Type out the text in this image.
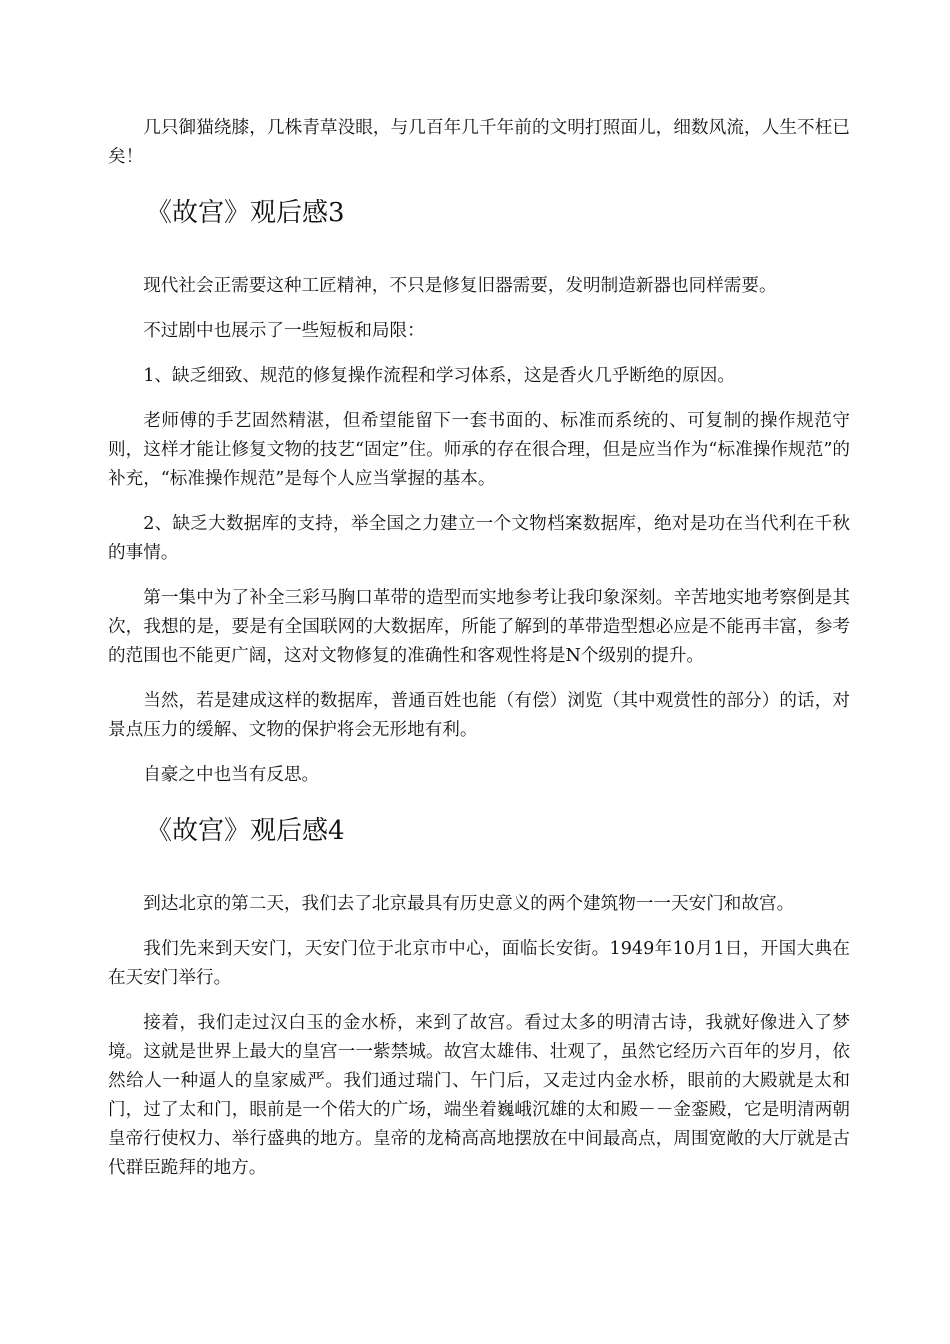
几只御猫绕膝，几株青草没眼，与几百年几千年前的文明打照面儿，细数风流，人生不枉已矣！

《故宫》观后感3

现代社会正需要这种工匠精神，不只是修复旧器需要，发明制造新器也同样需要。

不过剧中也展示了一些短板和局限：

1、缺乏细致、规范的修复操作流程和学习体系，这是香火几乎断绝的原因。

老师傅的手艺固然精湛，但希望能留下一套书面的、标准而系统的、可复制的操作规范守则，这样才能让修复文物的技艺“固定”住。师承的存在很合理，但是应当作为“标准操作规范”的补充，“标准操作规范”是每个人应当掌握的基本。

2、缺乏大数据库的支持，举全国之力建立一个文物档案数据库，绝对是功在当代利在千秋的事情。

第一集中为了补全三彩马胸口革带的造型而实地参考让我印象深刻。辛苦地实地考察倒是其次，我想的是，要是有全国联网的大数据库，所能了解到的革带造型想必应是不能再丰富，参考的范围也不能更广阔，这对文物修复的准确性和客观性将是N个级别的提升。

当然，若是建成这样的数据库，普通百姓也能（有偿）浏览（其中观赏性的部分）的话，对景点压力的缓解、文物的保护将会无形地有利。

自豪之中也当有反思。

《故宫》观后感4

到达北京的第二天，我们去了北京最具有历史意义的两个建筑物一一天安门和故宫。

我们先来到天安门，天安门位于北京市中心，面临长安街。1949年10月1日，开国大典在在天安门举行。

接着，我们走过汉白玉的金水桥，来到了故宫。看过太多的明清古诗，我就好像进入了梦境。这就是世界上最大的皇宫一一紫禁城。故宫太雄伟、壮观了，虽然它经历六百年的岁月，依然给人一种逼人的皇家威严。我们通过瑞门、午门后，又走过内金水桥，眼前的大殿就是太和门，过了太和门，眼前是一个偌大的广场，端坐着巍峨沉雄的太和殿－－金銮殿，它是明清两朝皇帝行使权力、举行盛典的地方。皇帝的龙椅高高地摆放在中间最高点，周围宽敞的大厅就是古代群臣跪拜的地方。
